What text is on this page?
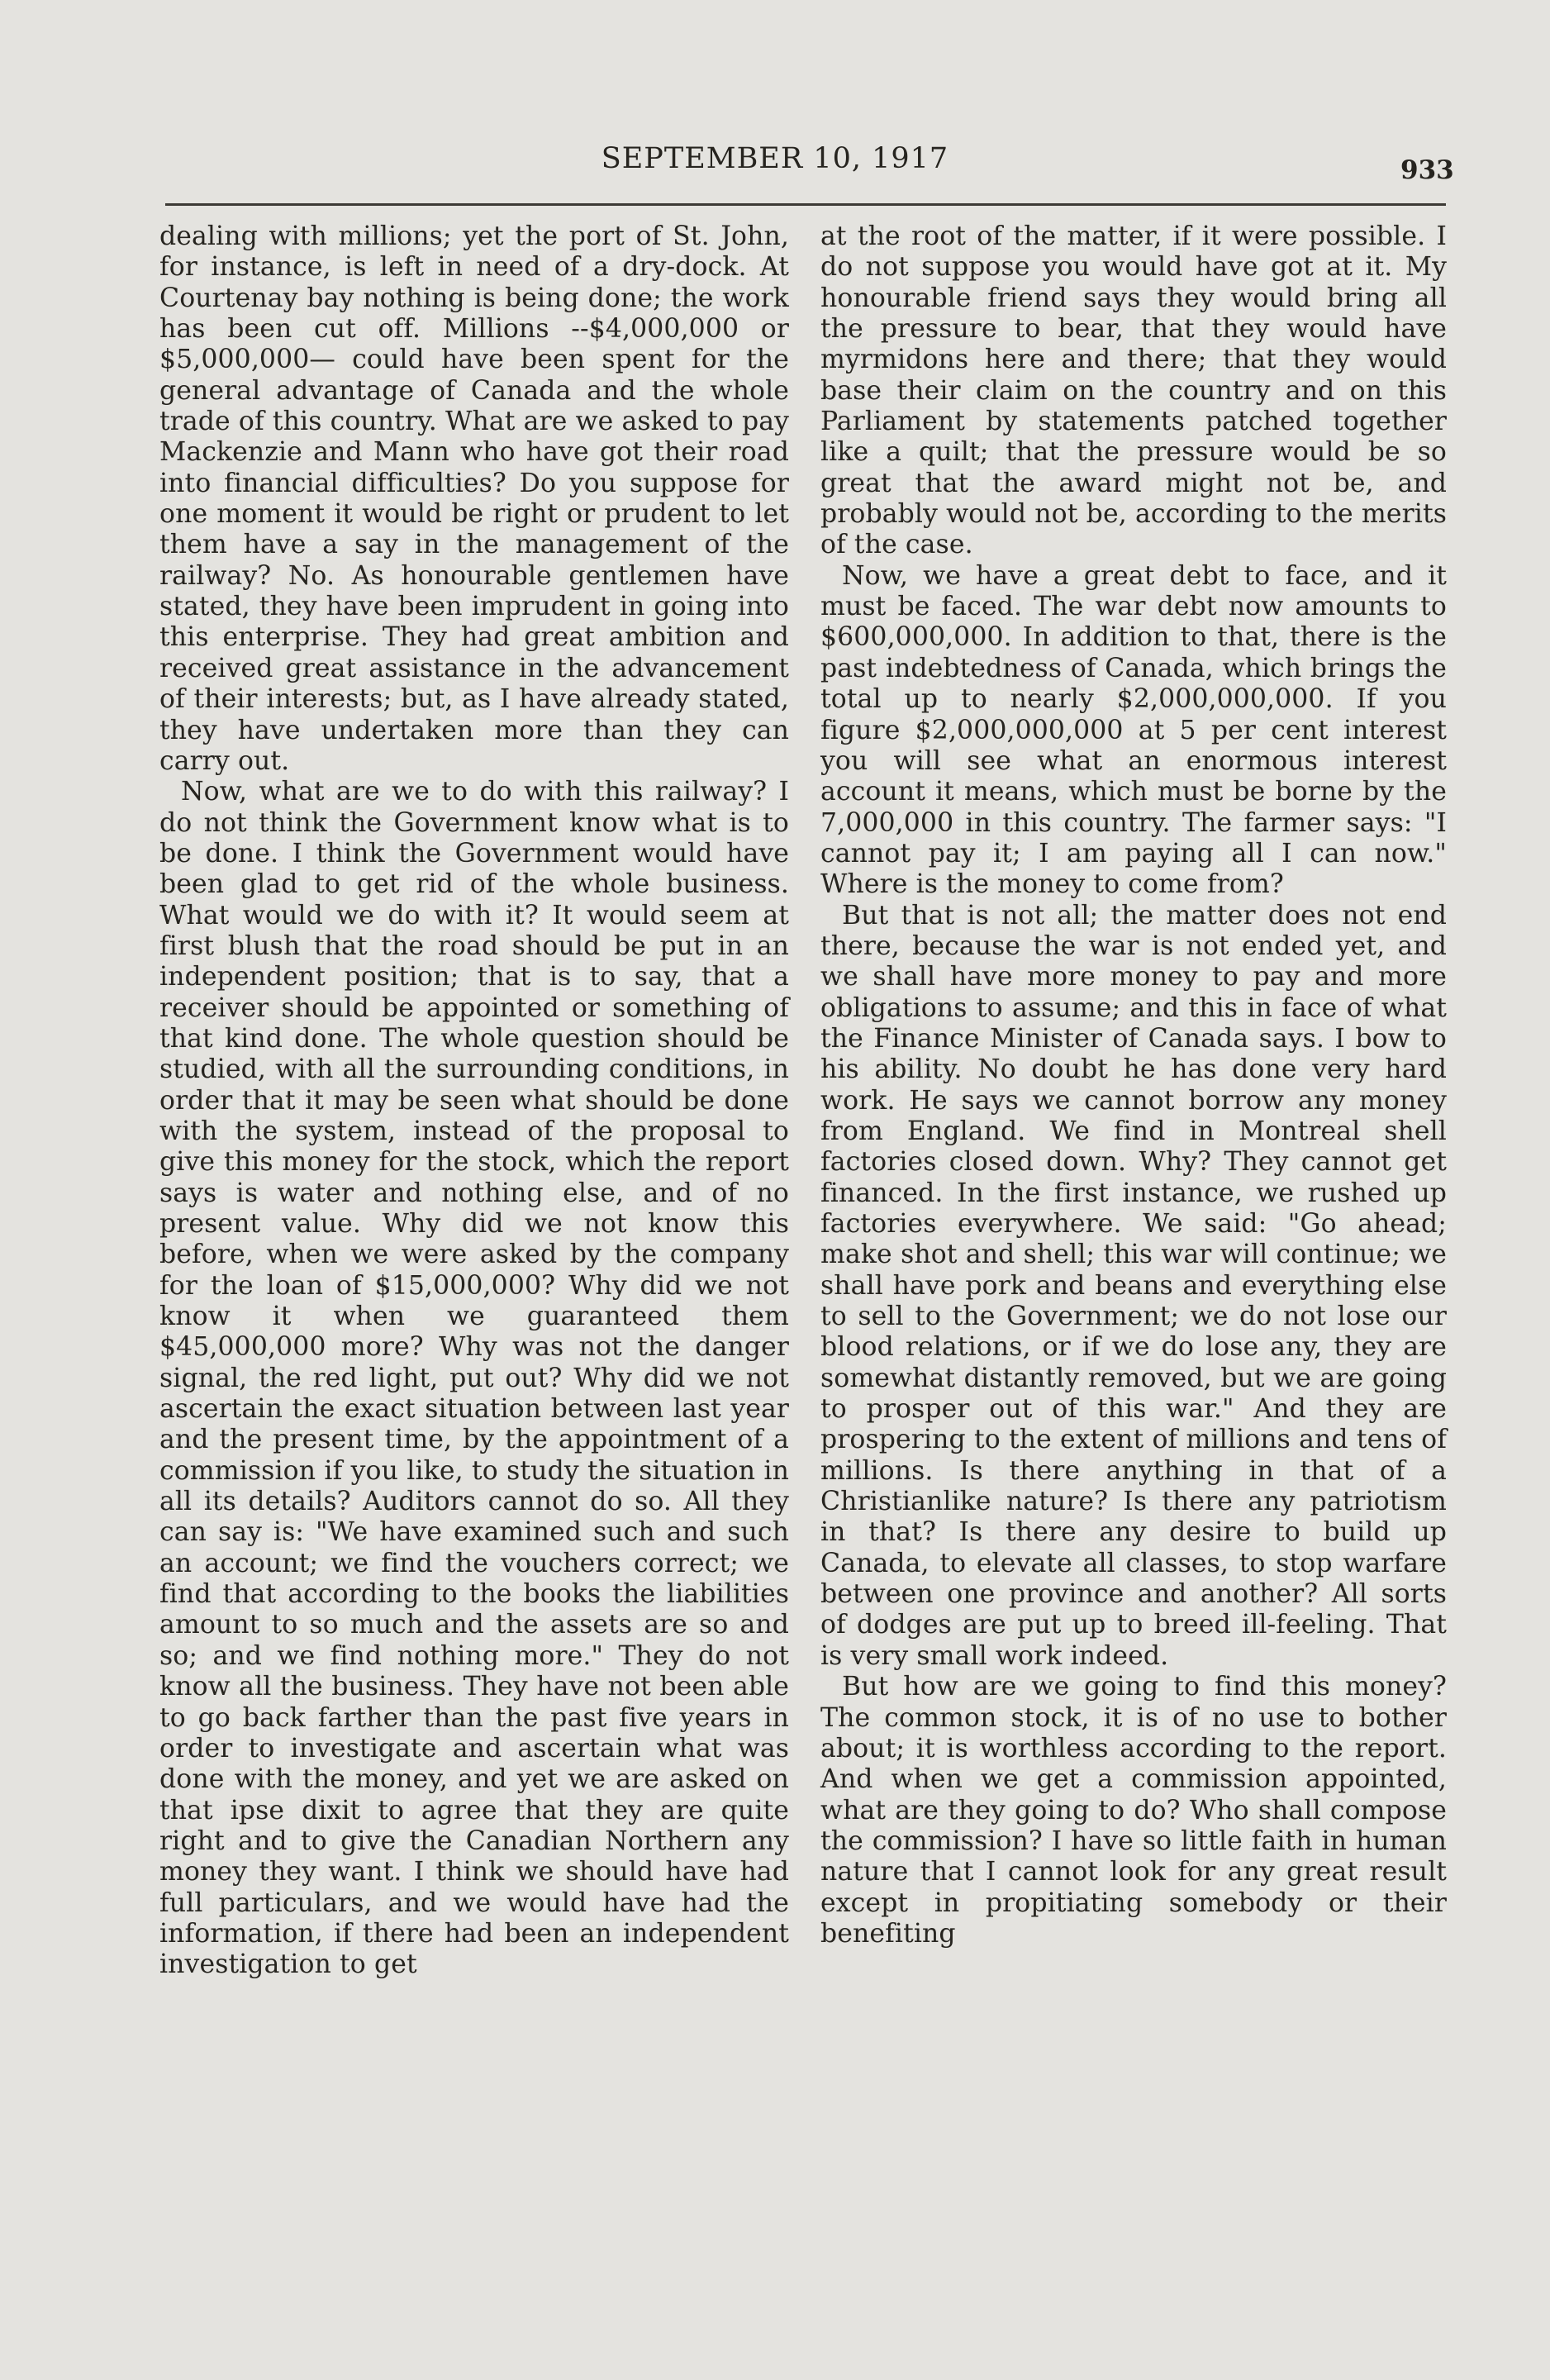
SEPTEMBER 10, 1917	933

dealing with millions; yet the port of St. John, for instance, is left in need of a dry-dock. At Courtenay bay nothing is being done; the work has been cut off. Millions --$4,000,000 or $5,000,000— could have been spent for the general advantage of Canada and the whole trade of this country. What are we asked to pay Mackenzie and Mann who have got their road into financial difficulties? Do you suppose for one moment it would be right or prudent to let them have a say in the management of the railway? No. As honourable gentlemen have stated, they have been imprudent in going into this enterprise. They had great ambition and received great assistance in the advancement of their interests; but, as I have already stated, they have undertaken more than they can carry out.

Now, what are we to do with this railway? I do not think the Government know what is to be done. I think the Government would have been glad to get rid of the whole business. What would we do with it? It would seem at first blush that the road should be put in an independent position; that is to say, that a receiver should be appointed or something of that kind done. The whole question should be studied, with all the surrounding conditions, in order that it may be seen what should be done with the system, instead of the proposal to give this money for the stock, which the report says is water and nothing else, and of no present value. Why did we not know this before, when we were asked by the company for the loan of $15,000,000? Why did we not know it when we guaranteed them $45,000,000 more? Why was not the danger signal, the red light, put out? Why did we not ascertain the exact situation between last year and the present time, by the appointment of a commission if you like, to study the situation in all its details? Auditors cannot do so. All they can say is: "We have examined such and such an account; we find the vouchers correct; we find that according to the books the liabilities amount to so much and the assets are so and so; and we find nothing more." They do not know all the business. They have not been able to go back farther than the past five years in order to investigate and ascertain what was done with the money, and yet we are asked on that ipse dixit to agree that they are quite right and to give the Canadian Northern any money they want. I think we should have had full particulars, and we would have had the information, if there had been an independent investigation to get

at the root of the matter, if it were possible. I do not suppose you would have got at it. My honourable friend says they would bring all the pressure to bear, that they would have myrmidons here and there; that they would base their claim on the country and on this Parliament by statements patched together like a quilt; that the pressure would be so great that the award might not be, and probably would not be, according to the merits of the case.

Now, we have a great debt to face, and it must be faced. The war debt now amounts to $600,000,000. In addition to that, there is the past indebtedness of Canada, which brings the total up to nearly $2,000,000,000. If you figure $2,000,000,000 at 5 per cent interest you will see what an enormous interest account it means, which must be borne by the 7,000,000 in this country. The farmer says: "I cannot pay it; I am paying all I can now." Where is the money to come from?

But that is not all; the matter does not end there, because the war is not ended yet, and we shall have more money to pay and more obligations to assume; and this in face of what the Finance Minister of Canada says. I bow to his ability. No doubt he has done very hard work. He says we cannot borrow any money from England. We find in Montreal shell factories closed down. Why? They cannot get financed. In the first instance, we rushed up factories everywhere. We said: "Go ahead; make shot and shell; this war will continue; we shall have pork and beans and everything else to sell to the Government; we do not lose our blood relations, or if we do lose any, they are somewhat distantly removed, but we are going to prosper out of this war." And they are prospering to the extent of millions and tens of millions. Is there anything in that of a Christianlike nature? Is there any patriotism in that? Is there any desire to build up Canada, to elevate all classes, to stop warfare between one province and another? All sorts of dodges are put up to breed ill-feeling. That is very small work indeed.

But how are we going to find this money? The common stock, it is of no use to bother about; it is worthless according to the report. And when we get a commission appointed, what are they going to do? Who shall compose the commission? I have so little faith in human nature that I cannot look for any great result except in propitiating somebody or their benefiting
